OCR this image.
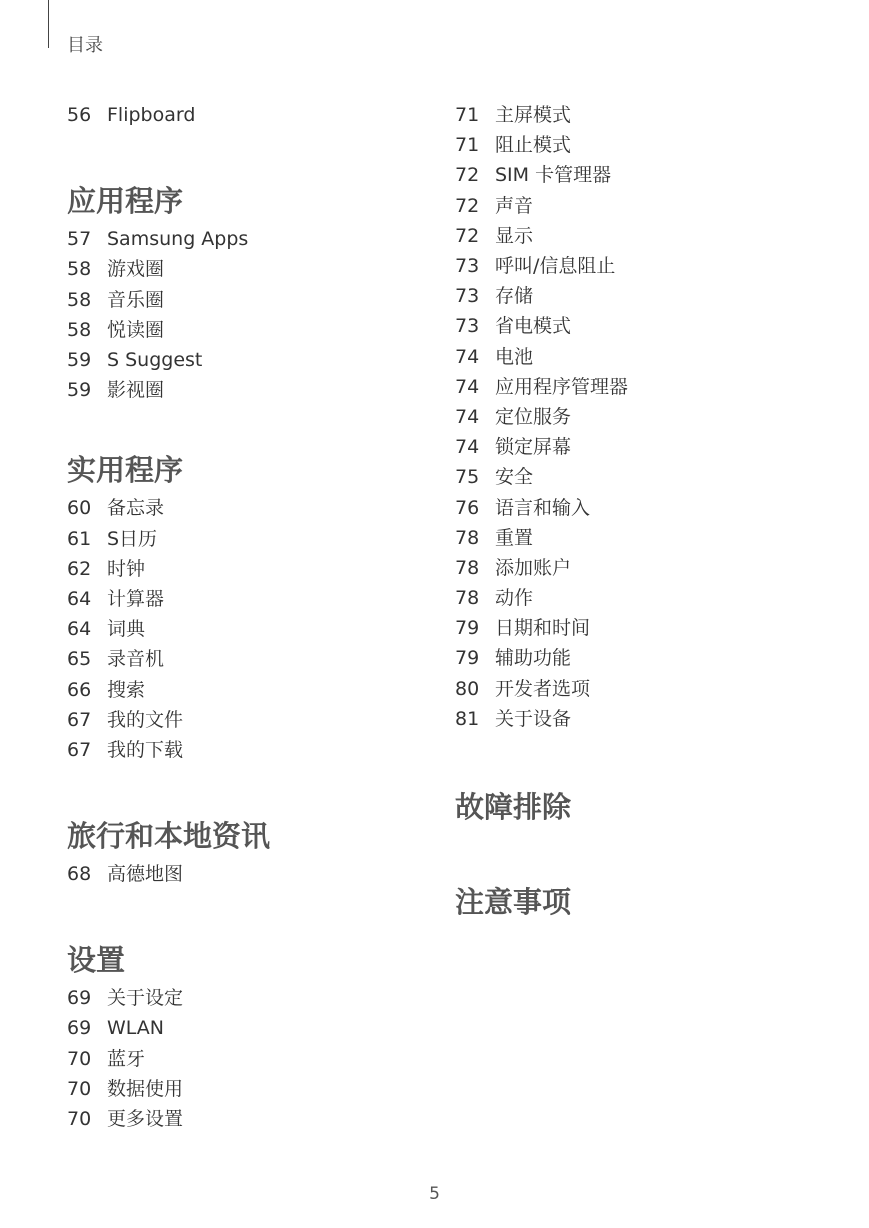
目录
56 Flipboard
应用程序
57 Samsung Apps
58 游戏圈
58 音乐圈
58 悦读圈
59 S Suggest
59 影视圈
实用程序
60 备忘录
61 S日历
62 时钟
64 计算器
64 词典
65 录音机
66 搜索
67 我的文件
67 我的下载
旅行和本地资讯
68 高德地图
设置
69 关于设定
69 WLAN
70 蓝牙
70 数据使用
70 更多设置
71 主屏模式
71 阻止模式
72 SIM 卡管理器
72 声音
72 显示
73 呼叫/信息阻止
73 存储
73 省电模式
74 电池
74 应用程序管理器
74 定位服务
74 锁定屏幕
75 安全
76 语言和输入
78 重置
78 添加账户
78 动作
79 日期和时间
79 辅助功能
80 开发者选项
81 关于设备
故障排除
注意事项
5
